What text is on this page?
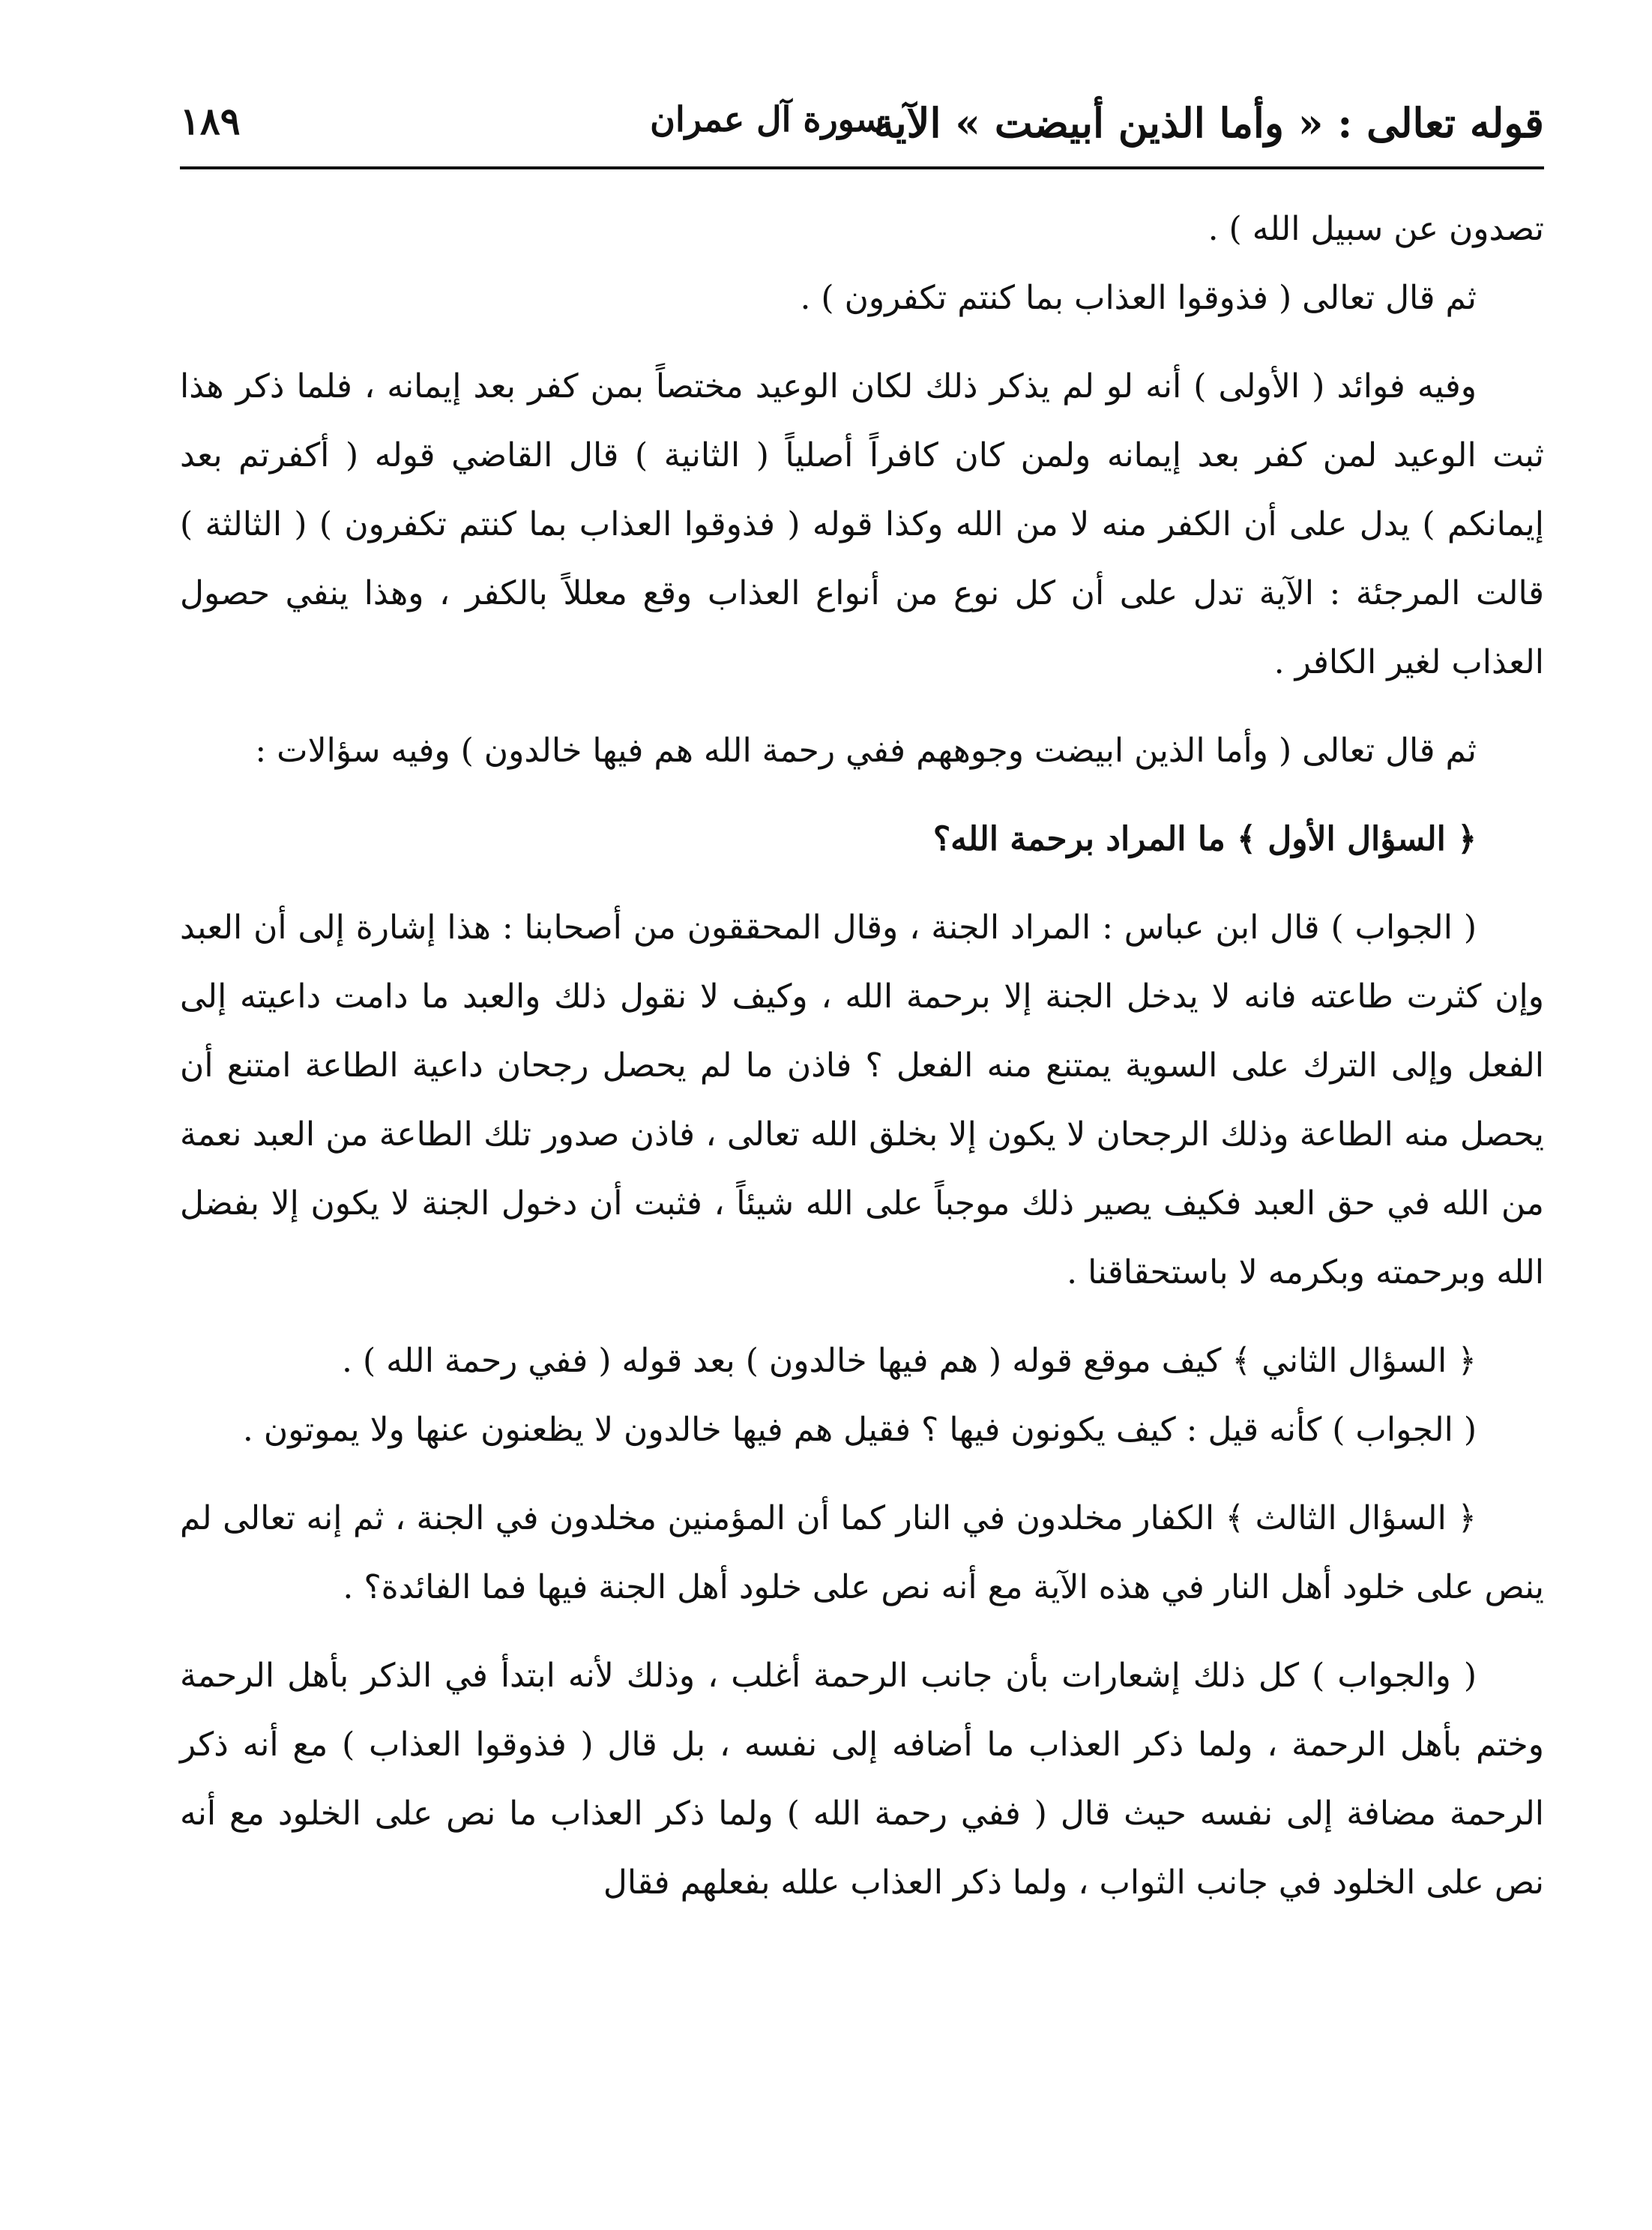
قوله تعالى : « وأما الذين أبيضت » الآية
سورة آل عمران
١٨٩

تصدون عن سبيل الله ) .

ثم قال تعالى ( فذوقوا العذاب بما كنتم تكفرون ) .

وفيه فوائد ( الأولى ) أنه لو لم يذكر ذلك لكان الوعيد مختصاً بمن كفر بعد إيمانه ، فلما ذكر هذا ثبت الوعيد لمن كفر بعد إيمانه ولمن كان كافراً أصلياً ( الثانية ) قال القاضي قوله ( أكفرتم بعد إيمانكم ) يدل على أن الكفر منه لا من الله وكذا قوله ( فذوقوا العذاب بما كنتم تكفرون ) ( الثالثة ) قالت المرجئة : الآية تدل على أن كل نوع من أنواع العذاب وقع معللاً بالكفر ، وهذا ينفي حصول العذاب لغير الكافر .

ثم قال تعالى ( وأما الذين ابيضت وجوههم ففي رحمة الله هم فيها خالدون ) وفيه سؤالات :

﴿ السؤال الأول ﴾ ما المراد برحمة الله؟

( الجواب ) قال ابن عباس : المراد الجنة ، وقال المحققون من أصحابنا : هذا إشارة إلى أن العبد وإن كثرت طاعته فانه لا يدخل الجنة إلا برحمة الله ، وكيف لا نقول ذلك والعبد ما دامت داعيته إلى الفعل وإلى الترك على السوية يمتنع منه الفعل ؟ فاذن ما لم يحصل رجحان داعية الطاعة امتنع أن يحصل منه الطاعة وذلك الرجحان لا يكون إلا بخلق الله تعالى ، فاذن صدور تلك الطاعة من العبد نعمة من الله في حق العبد فكيف يصير ذلك موجباً على الله شيئاً ، فثبت أن دخول الجنة لا يكون إلا بفضل الله وبرحمته وبكرمه لا باستحقاقنا .

﴿ السؤال الثاني ﴾ كيف موقع قوله ( هم فيها خالدون ) بعد قوله ( ففي رحمة الله ) .

( الجواب ) كأنه قيل : كيف يكونون فيها ؟ فقيل هم فيها خالدون لا يظعنون عنها ولا يموتون .

﴿ السؤال الثالث ﴾ الكفار مخلدون في النار كما أن المؤمنين مخلدون في الجنة ، ثم إنه تعالى لم ينص على خلود أهل النار في هذه الآية مع أنه نص على خلود أهل الجنة فيها فما الفائدة؟ .

( والجواب ) كل ذلك إشعارات بأن جانب الرحمة أغلب ، وذلك لأنه ابتدأ في الذكر بأهل الرحمة وختم بأهل الرحمة ، ولما ذكر العذاب ما أضافه إلى نفسه ، بل قال ( فذوقوا العذاب ) مع أنه ذكر الرحمة مضافة إلى نفسه حيث قال ( ففي رحمة الله ) ولما ذكر العذاب ما نص على الخلود مع أنه نص على الخلود في جانب الثواب ، ولما ذكر العذاب علله بفعلهم فقال
